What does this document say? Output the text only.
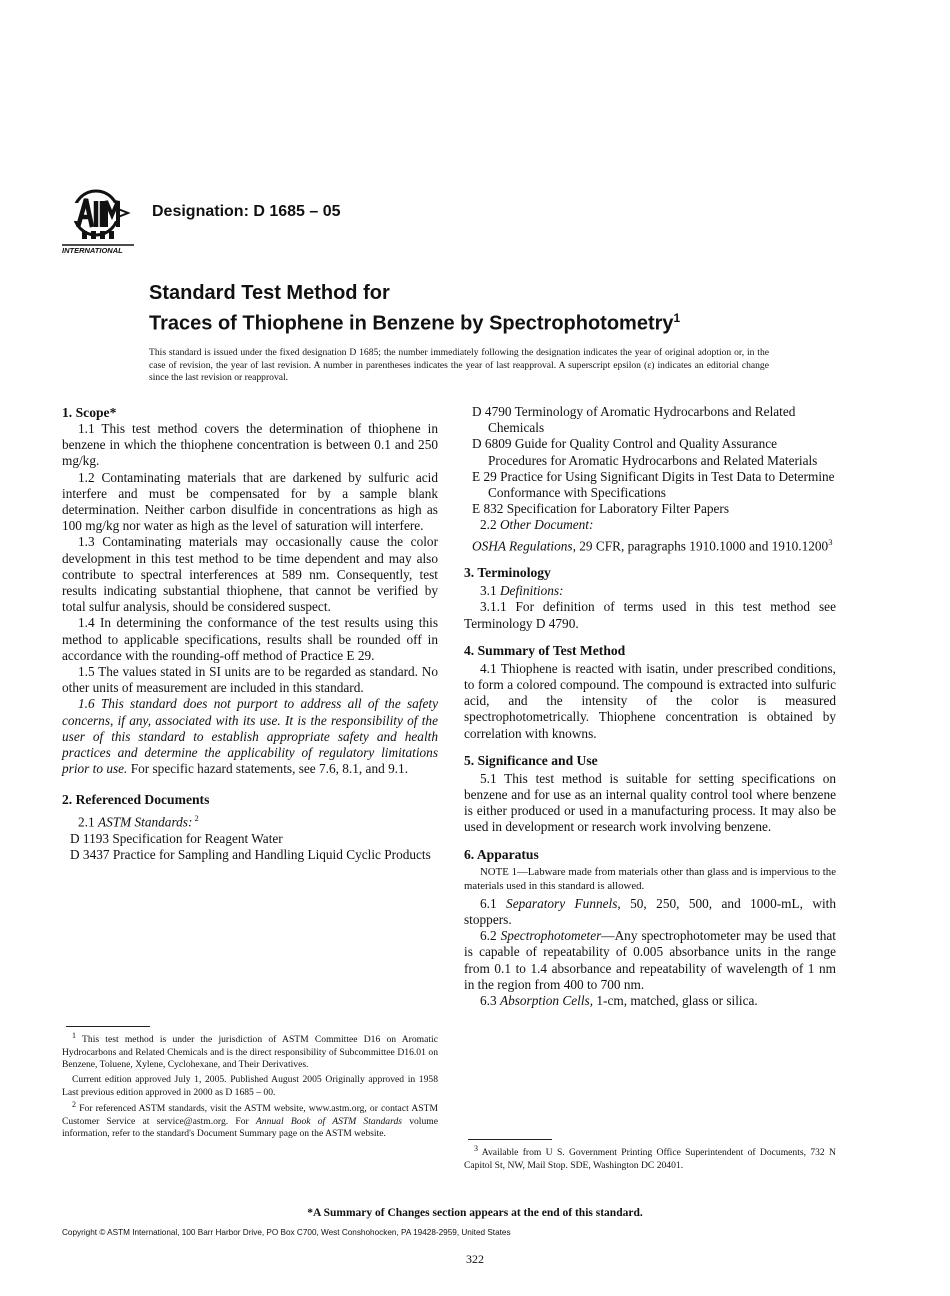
INTERNATIONAL
Designation: D 1685 – 05
Standard Test Method for
Traces of Thiophene in Benzene by Spectrophotometry$^1$
This standard is issued under the fixed designation D 1685; the number immediately following the designation indicates the year of original adoption or, in the case of revision, the year of last revision. A number in parentheses indicates the year of last reapproval. A superscript epsilon (ε) indicates an editorial change since the last revision or reapproval.
1. Scope*

1.1 This test method covers the determination of thiophene in benzene in which the thiophene concentration is between 0.1 and 250 mg/kg.

1.2 Contaminating materials that are darkened by sulfuric acid interfere and must be compensated for by a sample blank determination. Neither carbon disulfide in concentrations as high as 100 mg/kg nor water as high as the level of saturation will interfere.

1.3 Contaminating materials may occasionally cause the color development in this test method to be time dependent and may also contribute to spectral interferences at 589 nm. Consequently, test results indicating substantial thiophene, that cannot be verified by total sulfur analysis, should be considered suspect.

1.4 In determining the conformance of the test results using this method to applicable specifications, results shall be rounded off in accordance with the rounding-off method of Practice E 29.

1.5 The values stated in SI units are to be regarded as standard. No other units of measurement are included in this standard.

1.6 This standard does not purport to address all of the safety concerns, if any, associated with its use. It is the responsibility of the user of this standard to establish appropriate safety and health practices and determine the applicability of regulatory limitations prior to use. For specific hazard statements, see 7.6, 8.1, and 9.1.

2. Referenced Documents

2.1 ASTM Standards: $^2$

D 1193 Specification for Reagent Water

D 3437 Practice for Sampling and Handling Liquid Cyclic Products

D 4790 Terminology of Aromatic Hydrocarbons and Related Chemicals

D 6809 Guide for Quality Control and Quality Assurance Procedures for Aromatic Hydrocarbons and Related Materials

E 29 Practice for Using Significant Digits in Test Data to Determine Conformance with Specifications

E 832 Specification for Laboratory Filter Papers

2.2 Other Document:

OSHA Regulations, 29 CFR, paragraphs 1910.1000 and 1910.1200$^3$

3. Terminology

3.1 Definitions:

3.1.1 For definition of terms used in this test method see Terminology D 4790.

4. Summary of Test Method

4.1 Thiophene is reacted with isatin, under prescribed conditions, to form a colored compound. The compound is extracted into sulfuric acid, and the intensity of the color is measured spectrophotometrically. Thiophene concentration is obtained by correlation with knowns.

5. Significance and Use

5.1 This test method is suitable for setting specifications on benzene and for use as an internal quality control tool where benzene is either produced or used in a manufacturing process. It may also be used in development or research work involving benzene.

6. Apparatus

NOTE 1—Labware made from materials other than glass and is impervious to the materials used in this standard is allowed.

6.1 Separatory Funnels, 50, 250, 500, and 1000-mL, with stoppers.

6.2 Spectrophotometer—Any spectrophotometer may be used that is capable of repeatability of 0.005 absorbance units in the range from 0.1 to 1.4 absorbance and repeatability of wavelength of 1 nm in the region from 400 to 700 nm.

6.3 Absorption Cells, 1-cm, matched, glass or silica.

$^1$ This test method is under the jurisdiction of ASTM Committee D16 on Aromatic Hydrocarbons and Related Chemicals and is the direct responsibility of Subcommittee D16.01 on Benzene, Toluene, Xylene, Cyclohexane, and Their Derivatives.

Current edition approved July 1, 2005. Published August 2005 Originally approved in 1958 Last previous edition approved in 2000 as D 1685 – 00.

$^2$ For referenced ASTM standards, visit the ASTM website, www.astm.org, or contact ASTM Customer Service at service@astm.org. For Annual Book of ASTM Standards volume information, refer to the standard's Document Summary page on the ASTM website.

$^3$ Available from U S. Government Printing Office Superintendent of Documents, 732 N Capitol St, NW, Mail Stop. SDE, Washington DC 20401.

*A Summary of Changes section appears at the end of this standard.
Copyright © ASTM International, 100 Barr Harbor Drive, PO Box C700, West Conshohocken, PA 19428-2959, United States
322
